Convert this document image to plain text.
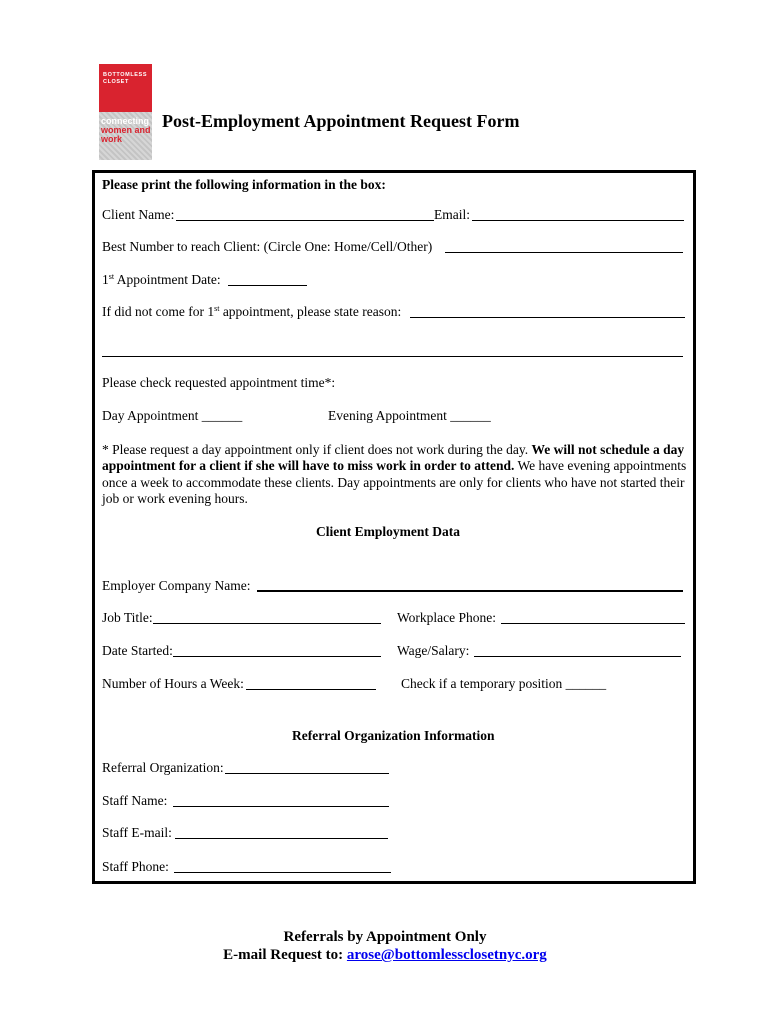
BOTTOMLESS
CLOSET
connecting
women and
work
Post-Employment Appointment Request Form
Please print the following information in the box:
Client Name:	Email:
Best Number to reach Client: (Circle One: Home/Cell/Other)
1st Appointment Date:
If did not come for 1st appointment, please state reason:
Please check requested appointment time*:
Day Appointment ______	Evening Appointment ______
* Please request a day appointment only if client does not work during the day. We will not schedule a day appointment for a client if she will have to miss work in order to attend. We have evening appointments once a week to accommodate these clients. Day appointments are only for clients who have not started their job or work evening hours.
Client Employment Data
Employer Company Name:
Job Title:	Workplace Phone:
Date Started:	Wage/Salary:
Number of Hours a Week:	Check if a temporary position ______
Referral Organization Information
Referral Organization:
Staff Name:
Staff E-mail:
Staff Phone:
Referrals by Appointment Only
E-mail Request to: arose@bottomlessclosetnyc.org
